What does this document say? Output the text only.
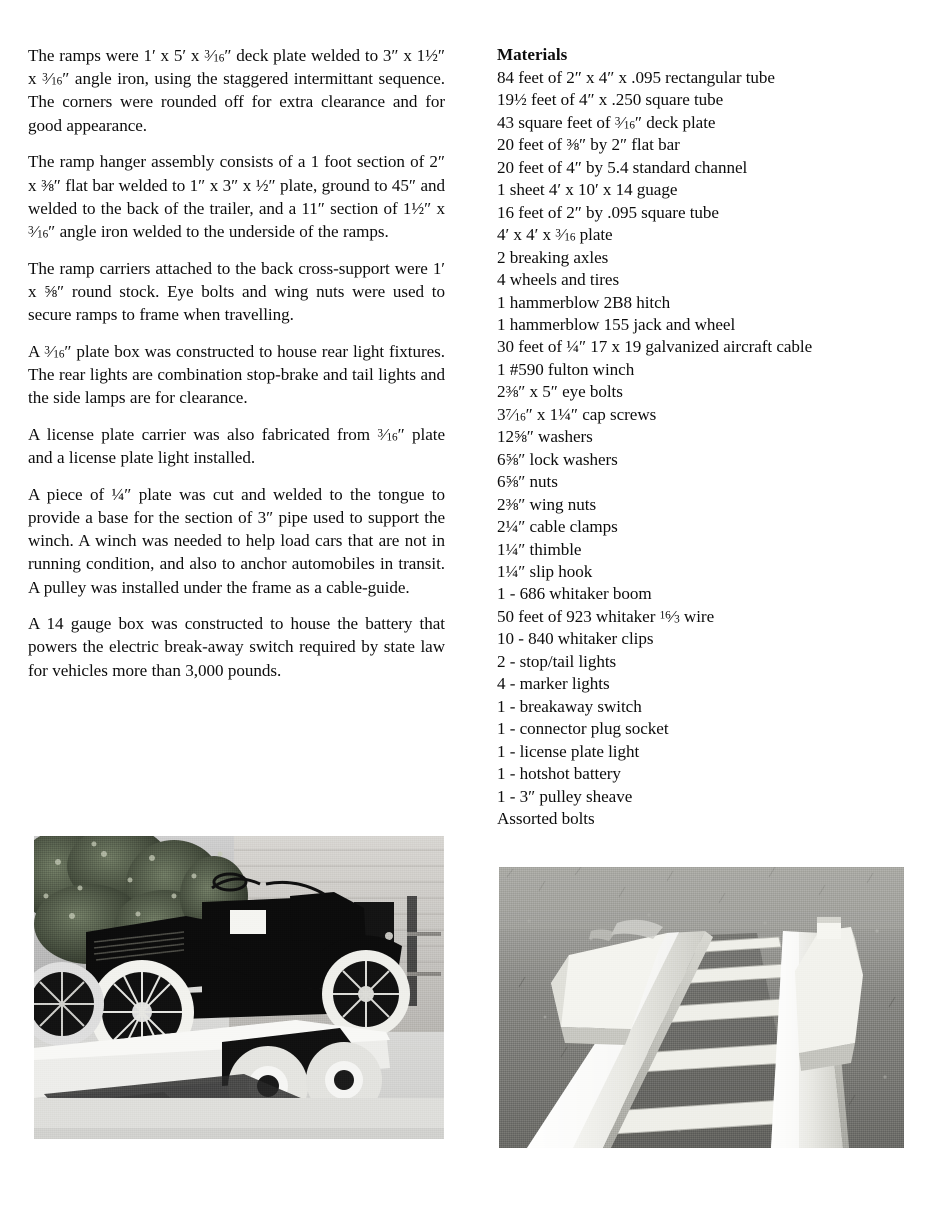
The ramps were 1′ x 5′ x $^3⁄_{16}''$ deck plate welded to 3″ x 1½″ x $^3⁄_{16}''$ angle iron, using the staggered intermittant sequence. The corners were rounded off for extra clearance and for good appearance.

The ramp hanger assembly consists of a 1 foot section of 2″ x ⅜″ flat bar welded to 1″ x 3″ x ½″ plate, ground to 45″ and welded to the back of the trailer, and a 11″ section of 1½″ x $^3⁄_{16}''$ angle iron welded to the underside of the ramps.

The ramp carriers attached to the back cross-support were 1′ x ⅝″ round stock. Eye bolts and wing nuts were used to secure ramps to frame when travelling.

A $^3⁄_{16}''$ plate box was constructed to house rear light fixtures. The rear lights are combination stop-brake and tail lights and the side lamps are for clearance.

A license plate carrier was also fabricated from $^3⁄_{16}''$ plate and a license plate light installed.

A piece of ¼″ plate was cut and welded to the tongue to provide a base for the section of 3″ pipe used to support the winch. A winch was needed to help load cars that are not in running condition, and also to anchor automobiles in transit. A pulley was installed under the frame as a cable-guide.

A 14 gauge box was constructed to house the battery that powers the electric break-away switch required by state law for vehicles more than 3,000 pounds.

Materials
84 feet of 2″ x 4″ x .095 rectangular tube
19½ feet of 4″ x .250 square tube
43 square feet of $^3⁄_{16}''$ deck plate
20 feet of ⅜″ by 2″ flat bar
20 feet of 4″ by 5.4 standard channel
1 sheet 4′ x 10′ x 14 guage
16 feet of 2″ by .095 square tube
4′ x 4′ x $^3⁄_{16}$ plate
2 breaking axles
4 wheels and tires
1 hammerblow 2B8 hitch
1 hammerblow 155 jack and wheel
30 feet of ¼″ 17 x 19 galvanized aircraft cable
1 #590 fulton winch
2⅜″ x 5″ eye bolts
$3^7⁄_{16}''$ x 1¼″ cap screws
12⅝″ washers
6⅝″ lock washers
6⅝″ nuts
2⅜″ wing nuts
2¼″ cable clamps
1¼″ thimble
1¼″ slip hook
1 - 686 whitaker boom
50 feet of 923 whitaker $^{16}⁄_3$ wire
10 - 840 whitaker clips
2 - stop/tail lights
4 - marker lights
1 - breakaway switch
1 - connector plug socket
1 - license plate light
1 - hotshot battery
1 - 3″ pulley sheave
Assorted bolts
